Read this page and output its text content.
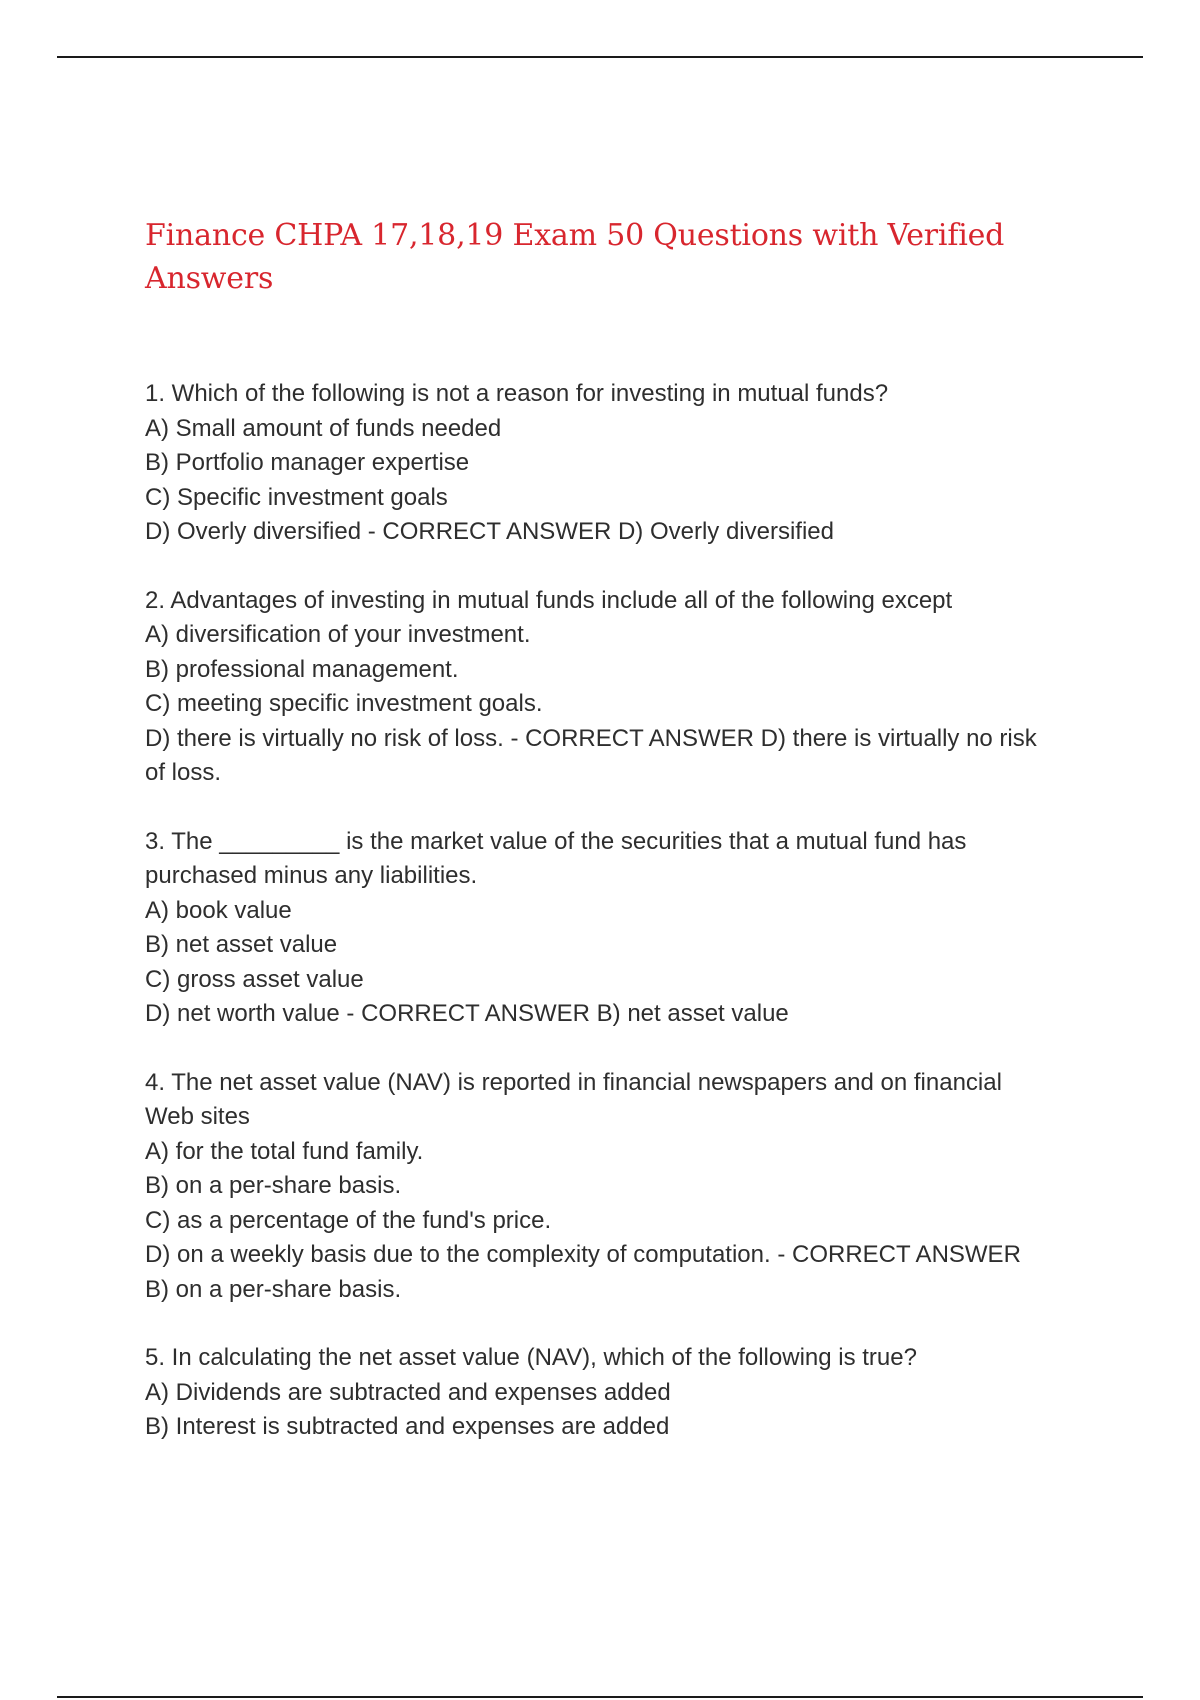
Finance CHPA 17,18,19 Exam 50 Questions with Verified Answers
1. Which of the following is not a reason for investing in mutual funds?
A) Small amount of funds needed
B) Portfolio manager expertise
C) Specific investment goals
D) Overly diversified - CORRECT ANSWER D) Overly diversified
2. Advantages of investing in mutual funds include all of the following except
A) diversification of your investment.
B) professional management.
C) meeting specific investment goals.
D) there is virtually no risk of loss. - CORRECT ANSWER D) there is virtually no risk
of loss.
3. The _________ is the market value of the securities that a mutual fund has
purchased minus any liabilities.
A) book value
B) net asset value
C) gross asset value
D) net worth value - CORRECT ANSWER B) net asset value
4. The net asset value (NAV) is reported in financial newspapers and on financial
Web sites
A) for the total fund family.
B) on a per-share basis.
C) as a percentage of the fund's price.
D) on a weekly basis due to the complexity of computation. - CORRECT ANSWER
B) on a per-share basis.
5. In calculating the net asset value (NAV), which of the following is true?
A) Dividends are subtracted and expenses added
B) Interest is subtracted and expenses are added
